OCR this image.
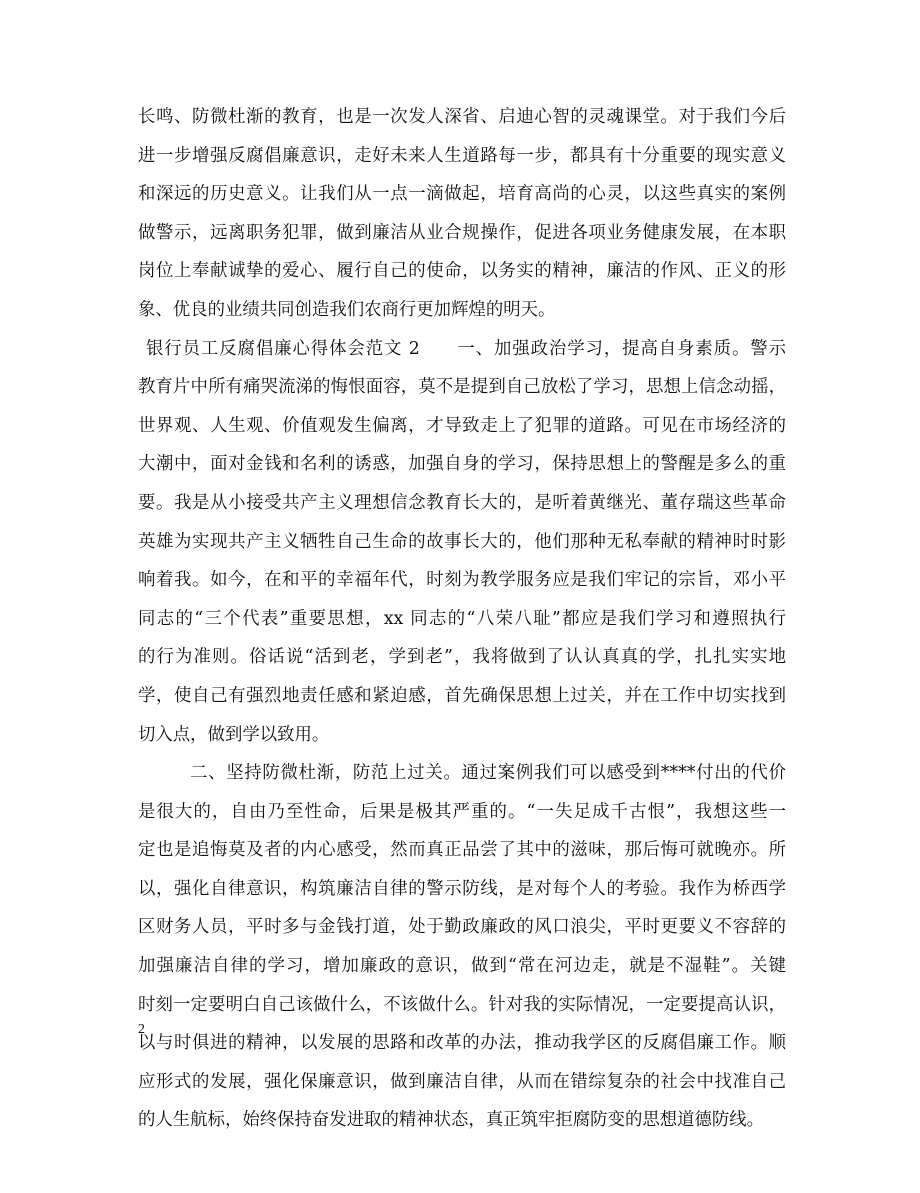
长鸣、防微杜渐的教育，也是一次发人深省、启迪心智的灵魂课堂。对于我们今后
进一步增强反腐倡廉意识，走好未来人生道路每一步，都具有十分重要的现实意义
和深远的历史意义。让我们从一点一滴做起，培育高尚的心灵，以这些真实的案例
做警示，远离职务犯罪，做到廉洁从业合规操作，促进各项业务健康发展，在本职
岗位上奉献诚挚的爱心、履行自己的使命，以务实的精神，廉洁的作风、正义的形
象、优良的业绩共同创造我们农商行更加辉煌的明天。
银行员工反腐倡廉心得体会范文 2　　一、加强政治学习，提高自身素质。警示
教育片中所有痛哭流涕的悔恨面容，莫不是提到自己放松了学习，思想上信念动摇，
世界观、人生观、价值观发生偏离，才导致走上了犯罪的道路。可见在市场经济的
大潮中，面对金钱和名利的诱惑，加强自身的学习，保持思想上的警醒是多么的重
要。我是从小接受共产主义理想信念教育长大的，是听着黄继光、董存瑞这些革命
英雄为实现共产主义牺牲自己生命的故事长大的，他们那种无私奉献的精神时时影
响着我。如今，在和平的幸福年代，时刻为教学服务应是我们牢记的宗旨，邓小平
同志的“三个代表”重要思想，xx 同志的“八荣八耻”都应是我们学习和遵照执行
的行为准则。俗话说“活到老，学到老”，我将做到了认认真真的学，扎扎实实地
学，使自己有强烈地责任感和紧迫感，首先确保思想上过关，并在工作中切实找到
切入点，做到学以致用。
二、坚持防微杜渐，防范上过关。通过案例我们可以感受到****付出的代价
是很大的，自由乃至性命，后果是极其严重的。“一失足成千古恨”，我想这些一
定也是追悔莫及者的内心感受，然而真正品尝了其中的滋味，那后悔可就晚亦。所
以，强化自律意识，构筑廉洁自律的警示防线，是对每个人的考验。我作为桥西学
区财务人员，平时多与金钱打道，处于勤政廉政的风口浪尖，平时更要义不容辞的
加强廉洁自律的学习，增加廉政的意识，做到“常在河边走，就是不湿鞋”。关键
时刻一定要明白自己该做什么，不该做什么。针对我的实际情况，一定要提高认识，
以与时俱进的精神，以发展的思路和改革的办法，推动我学区的反腐倡廉工作。顺
应形式的发展，强化保廉意识，做到廉洁自律，从而在错综复杂的社会中找准自己
的人生航标，始终保持奋发进取的精神状态，真正筑牢拒腐防变的思想道德防线。
2
